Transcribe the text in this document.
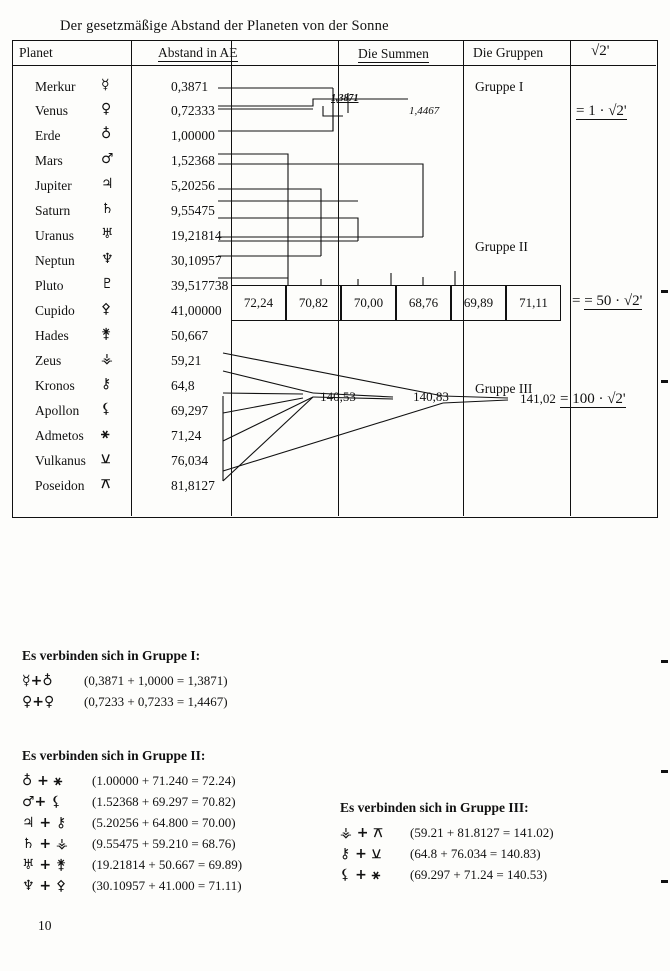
Der gesetzmäßige Abstand der Planeten von der Sonne
Planet	Abstand in AE	Die Summen	Die Gruppen	√2'
Merkur ☿	0,3871
Venus ♀	0,72333
Erde	♁	1,00000
Mars	♂	1,52368
Jupiter ♃	5,20256
Saturn ♄	9,55475
Uranus ♅	19,21814
Neptun ♆	30,10957
Pluto	♇	39,517738
Cupido ⚴	41,00000
Hades ⚵	50,667
Zeus	⚶	59,21
Kronos ⚷	64,8
Apollon ⚸	69,297
Admetos ⚹	71,24
Vulkanus ⚺	76,034
Poseidon ⚻	81,8127
1,3871
1,4467
72,24	70,82	70,00	68,76	69,89	71,11
140,53	140,83	141,02
Gruppe I
Gruppe II
Gruppe III
= 1 · √2'
= = 50 · √2'
= 100 · √2'
Es verbinden sich in Gruppe I:
☿+♁	(0,3871 + 1,0000 = 1,3871)
♀+♀	(0,7233 + 0,7233 = 1,4467)
Es verbinden sich in Gruppe II:
♁ + ⚹	(1.00000 + 71.240 = 72.24)
♂+ ⚸	(1.52368 + 69.297 = 70.82)
♃ + ⚷	(5.20256 + 64.800 = 70.00)
♄ + ⚶	(9.55475 + 59.210 = 68.76)
♅ + ⚵	(19.21814 + 50.667 = 69.89)
♆ + ⚴	(30.10957 + 41.000 = 71.11)
Es verbinden sich in Gruppe III:
⚶ + ⚻	(59.21 + 81.8127 = 141.02)
⚷ + ⚺	(64.8 + 76.034 = 140.83)
⚸ + ⚹	(69.297 + 71.24 = 140.53)
10
